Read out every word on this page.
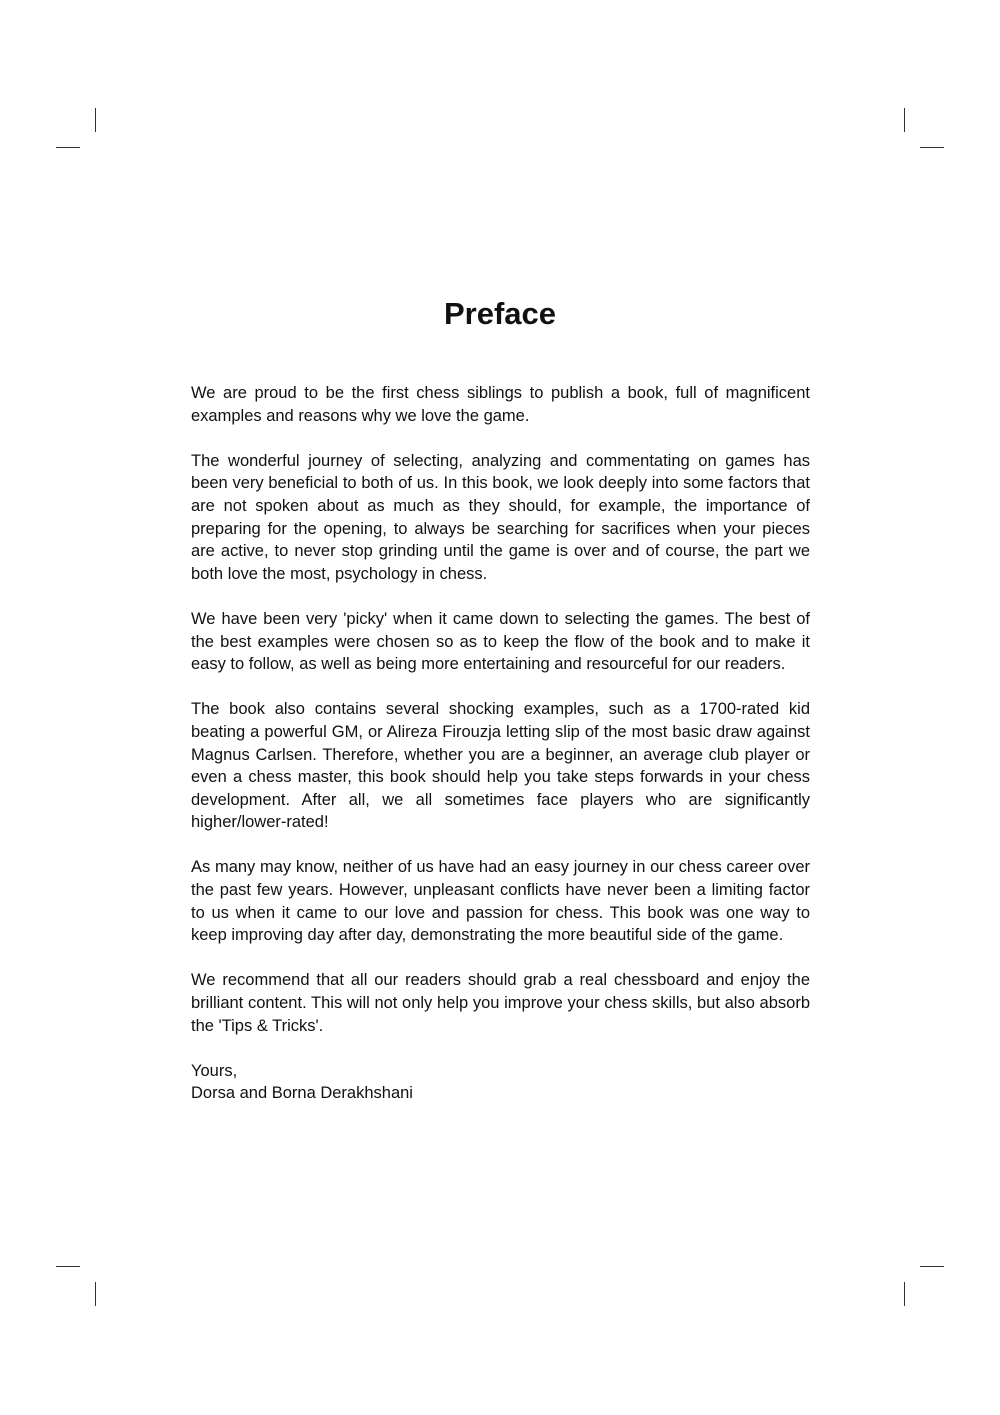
Preface

We are proud to be the first chess siblings to publish a book, full of magnificent examples and reasons why we love the game.

The wonderful journey of selecting, analyzing and commentating on games has been very beneficial to both of us. In this book, we look deeply into some factors that are not spoken about as much as they should, for example, the importance of preparing for the opening, to always be searching for sacrifices when your pieces are active, to never stop grinding until the game is over and of course, the part we both love the most, psychology in chess.

We have been very 'picky' when it came down to selecting the games. The best of the best examples were chosen so as to keep the flow of the book and to make it easy to follow, as well as being more entertaining and resourceful for our readers.

The book also contains several shocking examples, such as a 1700-rated kid beating a powerful GM, or Alireza Firouzja letting slip of the most basic draw against Magnus Carlsen. Therefore, whether you are a beginner, an average club player or even a chess master, this book should help you take steps forwards in your chess development. After all, we all sometimes face players who are significantly higher/lower-rated!

As many may know, neither of us have had an easy journey in our chess career over the past few years. However, unpleasant conflicts have never been a limiting factor to us when it came to our love and passion for chess. This book was one way to keep improving day after day, demonstrating the more beautiful side of the game.

We recommend that all our readers should grab a real chessboard and enjoy the brilliant content. This will not only help you improve your chess skills, but also absorb the 'Tips & Tricks'.

Yours,
Dorsa and Borna Derakhshani
